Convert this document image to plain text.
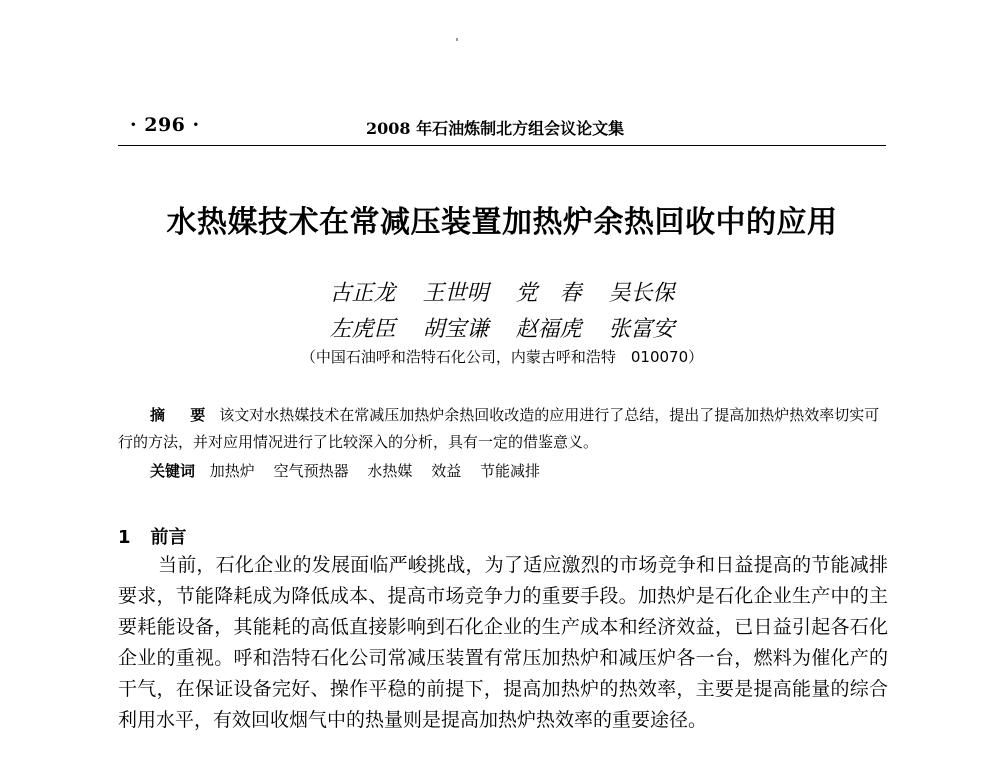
· 296 ·	2008 年石油炼制北方组会议论文集
水热媒技术在常减压装置加热炉余热回收中的应用
古正龙 王世明 党　春 吴长保
左虎臣 胡宝谦 赵福虎 张富安
（中国石油呼和浩特石化公司，内蒙古呼和浩特　010070）

摘 要 该文对水热媒技术在常减压加热炉余热回收改造的应用进行了总结，提出了提高加热炉热效率切实可行的方法，并对应用情况进行了比较深入的分析，具有一定的借鉴意义。

关键词 加热炉 空气预热器 水热媒 效益 节能减排
1 前言

当前，石化企业的发展面临严峻挑战，为了适应激烈的市场竞争和日益提高的节能减排要求，节能降耗成为降低成本、提高市场竞争力的重要手段。加热炉是石化企业生产中的主要耗能设备，其能耗的高低直接影响到石化企业的生产成本和经济效益，已日益引起各石化企业的重视。呼和浩特石化公司常减压装置有常压加热炉和减压炉各一台，燃料为催化产的干气，在保证设备完好、操作平稳的前提下，提高加热炉的热效率，主要是提高能量的综合利用水平，有效回收烟气中的热量则是提高加热炉热效率的重要途径。
